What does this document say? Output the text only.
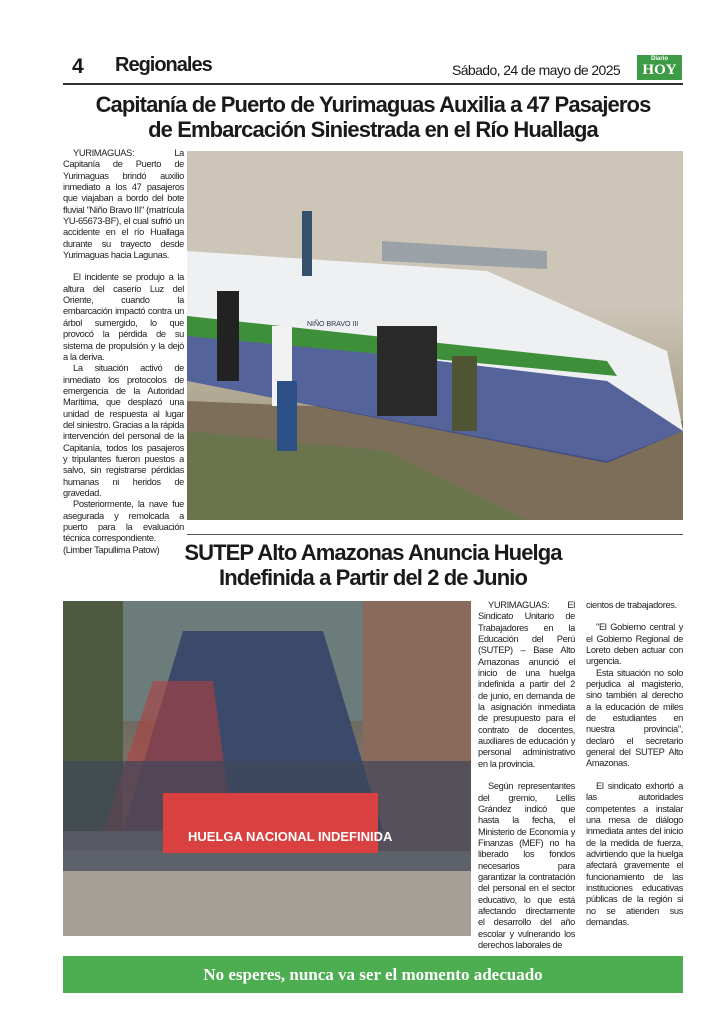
4 Regionales	Sábado, 24 de mayo de 2025
Diario
HOY
Capitanía de Puerto de Yurimaguas Auxilia a 47 Pasajeros
de Embarcación Siniestrada en el Río Huallaga

YURIMAGUAS: La Capitanía de Puerto de Yurimaguas brindó auxilio inmediato a los 47 pasajeros que viajaban a bordo del bote fluvial "Niño Bravo III" (matrícula YU-65673-BF), el cual sufrió un accidente en el río Huallaga durante su trayecto desde Yurimaguas hacia Lagunas.

El incidente se produjo a la altura del caserío Luz del Oriente, cuando la embarcación impactó contra un árbol sumergido, lo que provocó la pérdida de su sistema de propulsión y la dejó a la deriva.

La situación activó de inmediato los protocolos de emergencia de la Autoridad Marítima, que desplazó una unidad de respuesta al lugar del siniestro. Gracias a la rápida intervención del personal de la Capitanía, todos los pasajeros y tripulantes fueron puestos a salvo, sin registrarse pérdidas humanas ni heridos de gravedad.

Posteriormente, la nave fue asegurada y remolcada a puerto para la evaluación técnica correspondiente.

(Limber Tapullima Patow)
NIÑO BRAVO III
SUTEP Alto Amazonas Anuncia Huelga
Indefinida a Partir del 2 de Junio
HUELGA NACIONAL INDEFINIDA

YURIMAGUAS: El Sindicato Unitario de Trabajadores en la Educación del Perú (SUTEP) – Base Alto Amazonas anunció el inicio de una huelga indefinida a partir del 2 de junio, en demanda de la asignación inmediata de presupuesto para el contrato de docentes, auxiliares de educación y personal administrativo en la provincia.

Según representantes del gremio, Lellis Grández indicó que hasta la fecha, el Ministerio de Economía y Finanzas (MEF) no ha liberado los fondos necesarios para garantizar la contratación del personal en el sector educativo, lo que está afectando directamente el desarrollo del año escolar y vulnerando los derechos laborales de

cientos de trabajadores.

"El Gobierno central y el Gobierno Regional de Loreto deben actuar con urgencia.

Esta situación no solo perjudica al magisterio, sino también al derecho a la educación de miles de estudiantes en nuestra provincia", declaró el secretario general del SUTEP Alto Amazonas.

El sindicato exhortó a las autoridades competentes a instalar una mesa de diálogo inmediata antes del inicio de la medida de fuerza, advirtiendo que la huelga afectará gravemente el funcionamiento de las instituciones educativas públicas de la región si no se atienden sus demandas.

No esperes, nunca va ser el momento adecuado
